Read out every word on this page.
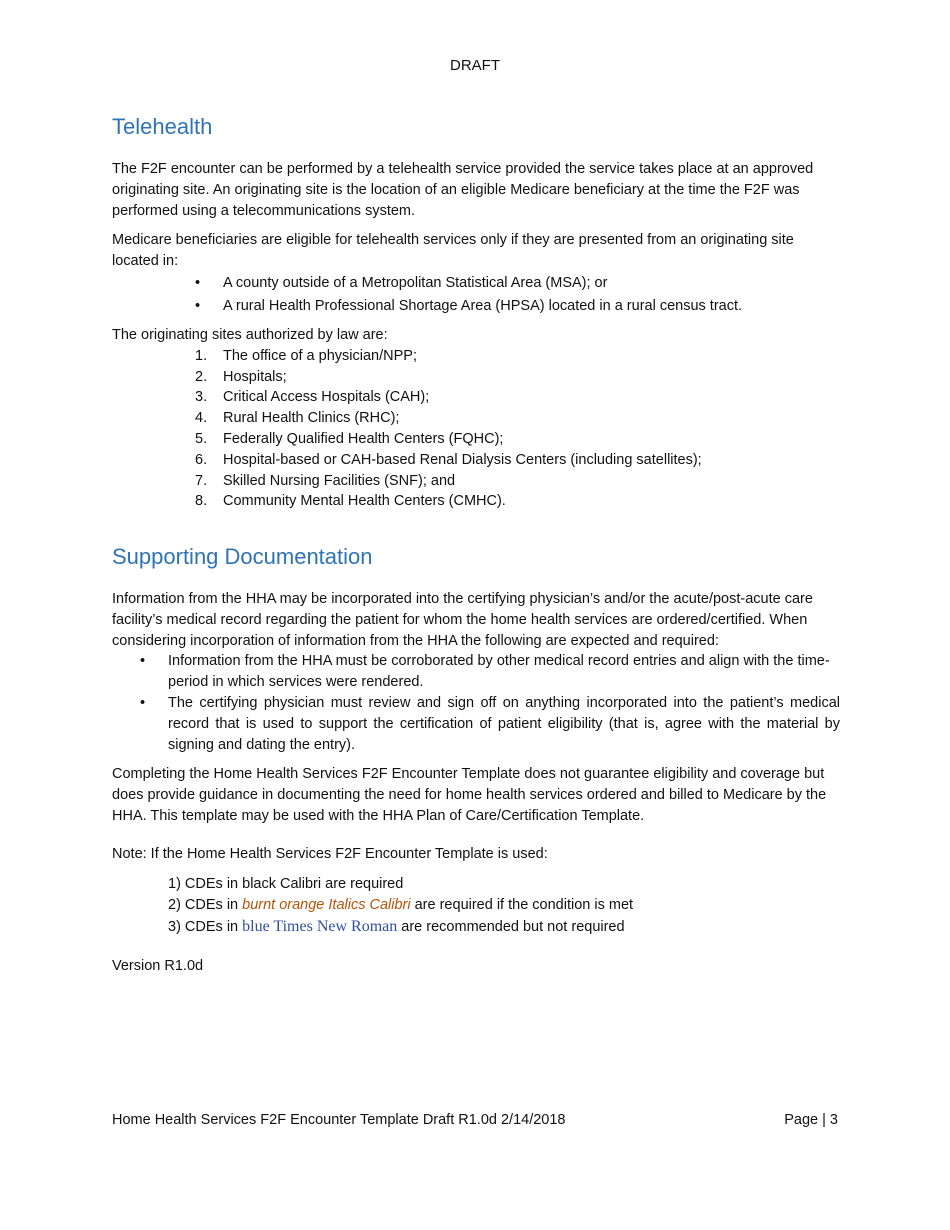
DRAFT
Telehealth

The F2F encounter can be performed by a telehealth service provided the service takes place at an approved originating site. An originating site is the location of an eligible Medicare beneficiary at the time the F2F was performed using a telecommunications system.

Medicare beneficiaries are eligible for telehealth services only if they are presented from an originating site located in:

• A county outside of a Metropolitan Statistical Area (MSA); or
• A rural Health Professional Shortage Area (HPSA) located in a rural census tract.

The originating sites authorized by law are:

1.	The office of a physician/NPP;
2.	Hospitals;
3.	Critical Access Hospitals (CAH);
4.	Rural Health Clinics (RHC);
5.	Federally Qualified Health Centers (FQHC);
6.	Hospital-based or CAH-based Renal Dialysis Centers (including satellites);
7.	Skilled Nursing Facilities (SNF); and
8.	Community Mental Health Centers (CMHC).
Supporting Documentation

Information from the HHA may be incorporated into the certifying physician’s and/or the acute/post-acute care facility’s medical record regarding the patient for whom the home health services are ordered/certified. When considering incorporation of information from the HHA the following are expected and required:

• Information from the HHA must be corroborated by other medical record entries and align with the time-period in which services were rendered.
• The certifying physician must review and sign off on anything incorporated into the patient’s medical record that is used to support the certification of patient eligibility (that is, agree with the material by signing and dating the entry).

Completing the Home Health Services F2F Encounter Template does not guarantee eligibility and coverage but does provide guidance in documenting the need for home health services ordered and billed to Medicare by the HHA. This template may be used with the HHA Plan of Care/Certification Template.

Note: If the Home Health Services F2F Encounter Template is used:

1) CDEs in black Calibri are required
2) CDEs in burnt orange Italics Calibri are required if the condition is met
3) CDEs in blue Times New Roman are recommended but not required

Version R1.0d

Home Health Services F2F Encounter Template Draft R1.0d 2/14/2018	Page | 3
